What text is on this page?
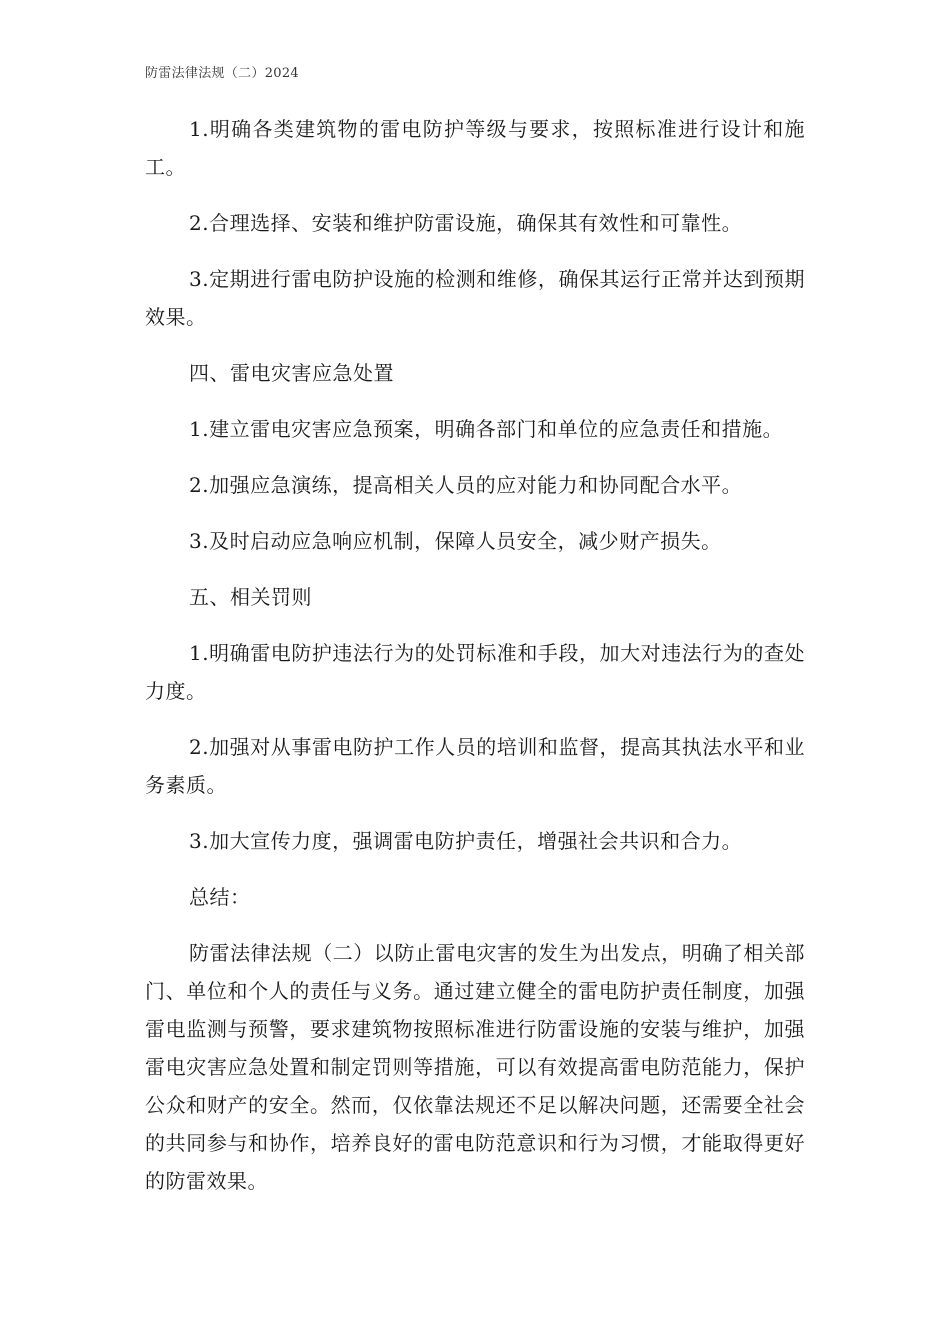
防雷法律法规（二）2024

1.明确各类建筑物的雷电防护等级与要求，按照标准进行设计和施工。

2.合理选择、安装和维护防雷设施，确保其有效性和可靠性。

3.定期进行雷电防护设施的检测和维修，确保其运行正常并达到预期效果。

四、雷电灾害应急处置

1.建立雷电灾害应急预案，明确各部门和单位的应急责任和措施。

2.加强应急演练，提高相关人员的应对能力和协同配合水平。

3.及时启动应急响应机制，保障人员安全，减少财产损失。

五、相关罚则

1.明确雷电防护违法行为的处罚标准和手段，加大对违法行为的查处力度。

2.加强对从事雷电防护工作人员的培训和监督，提高其执法水平和业务素质。

3.加大宣传力度，强调雷电防护责任，增强社会共识和合力。

总结：

防雷法律法规（二）以防止雷电灾害的发生为出发点，明确了相关部门、单位和个人的责任与义务。通过建立健全的雷电防护责任制度，加强雷电监测与预警，要求建筑物按照标准进行防雷设施的安装与维护，加强雷电灾害应急处置和制定罚则等措施，可以有效提高雷电防范能力，保护公众和财产的安全。然而，仅依靠法规还不足以解决问题，还需要全社会的共同参与和协作，培养良好的雷电防范意识和行为习惯，才能取得更好的防雷效果。
